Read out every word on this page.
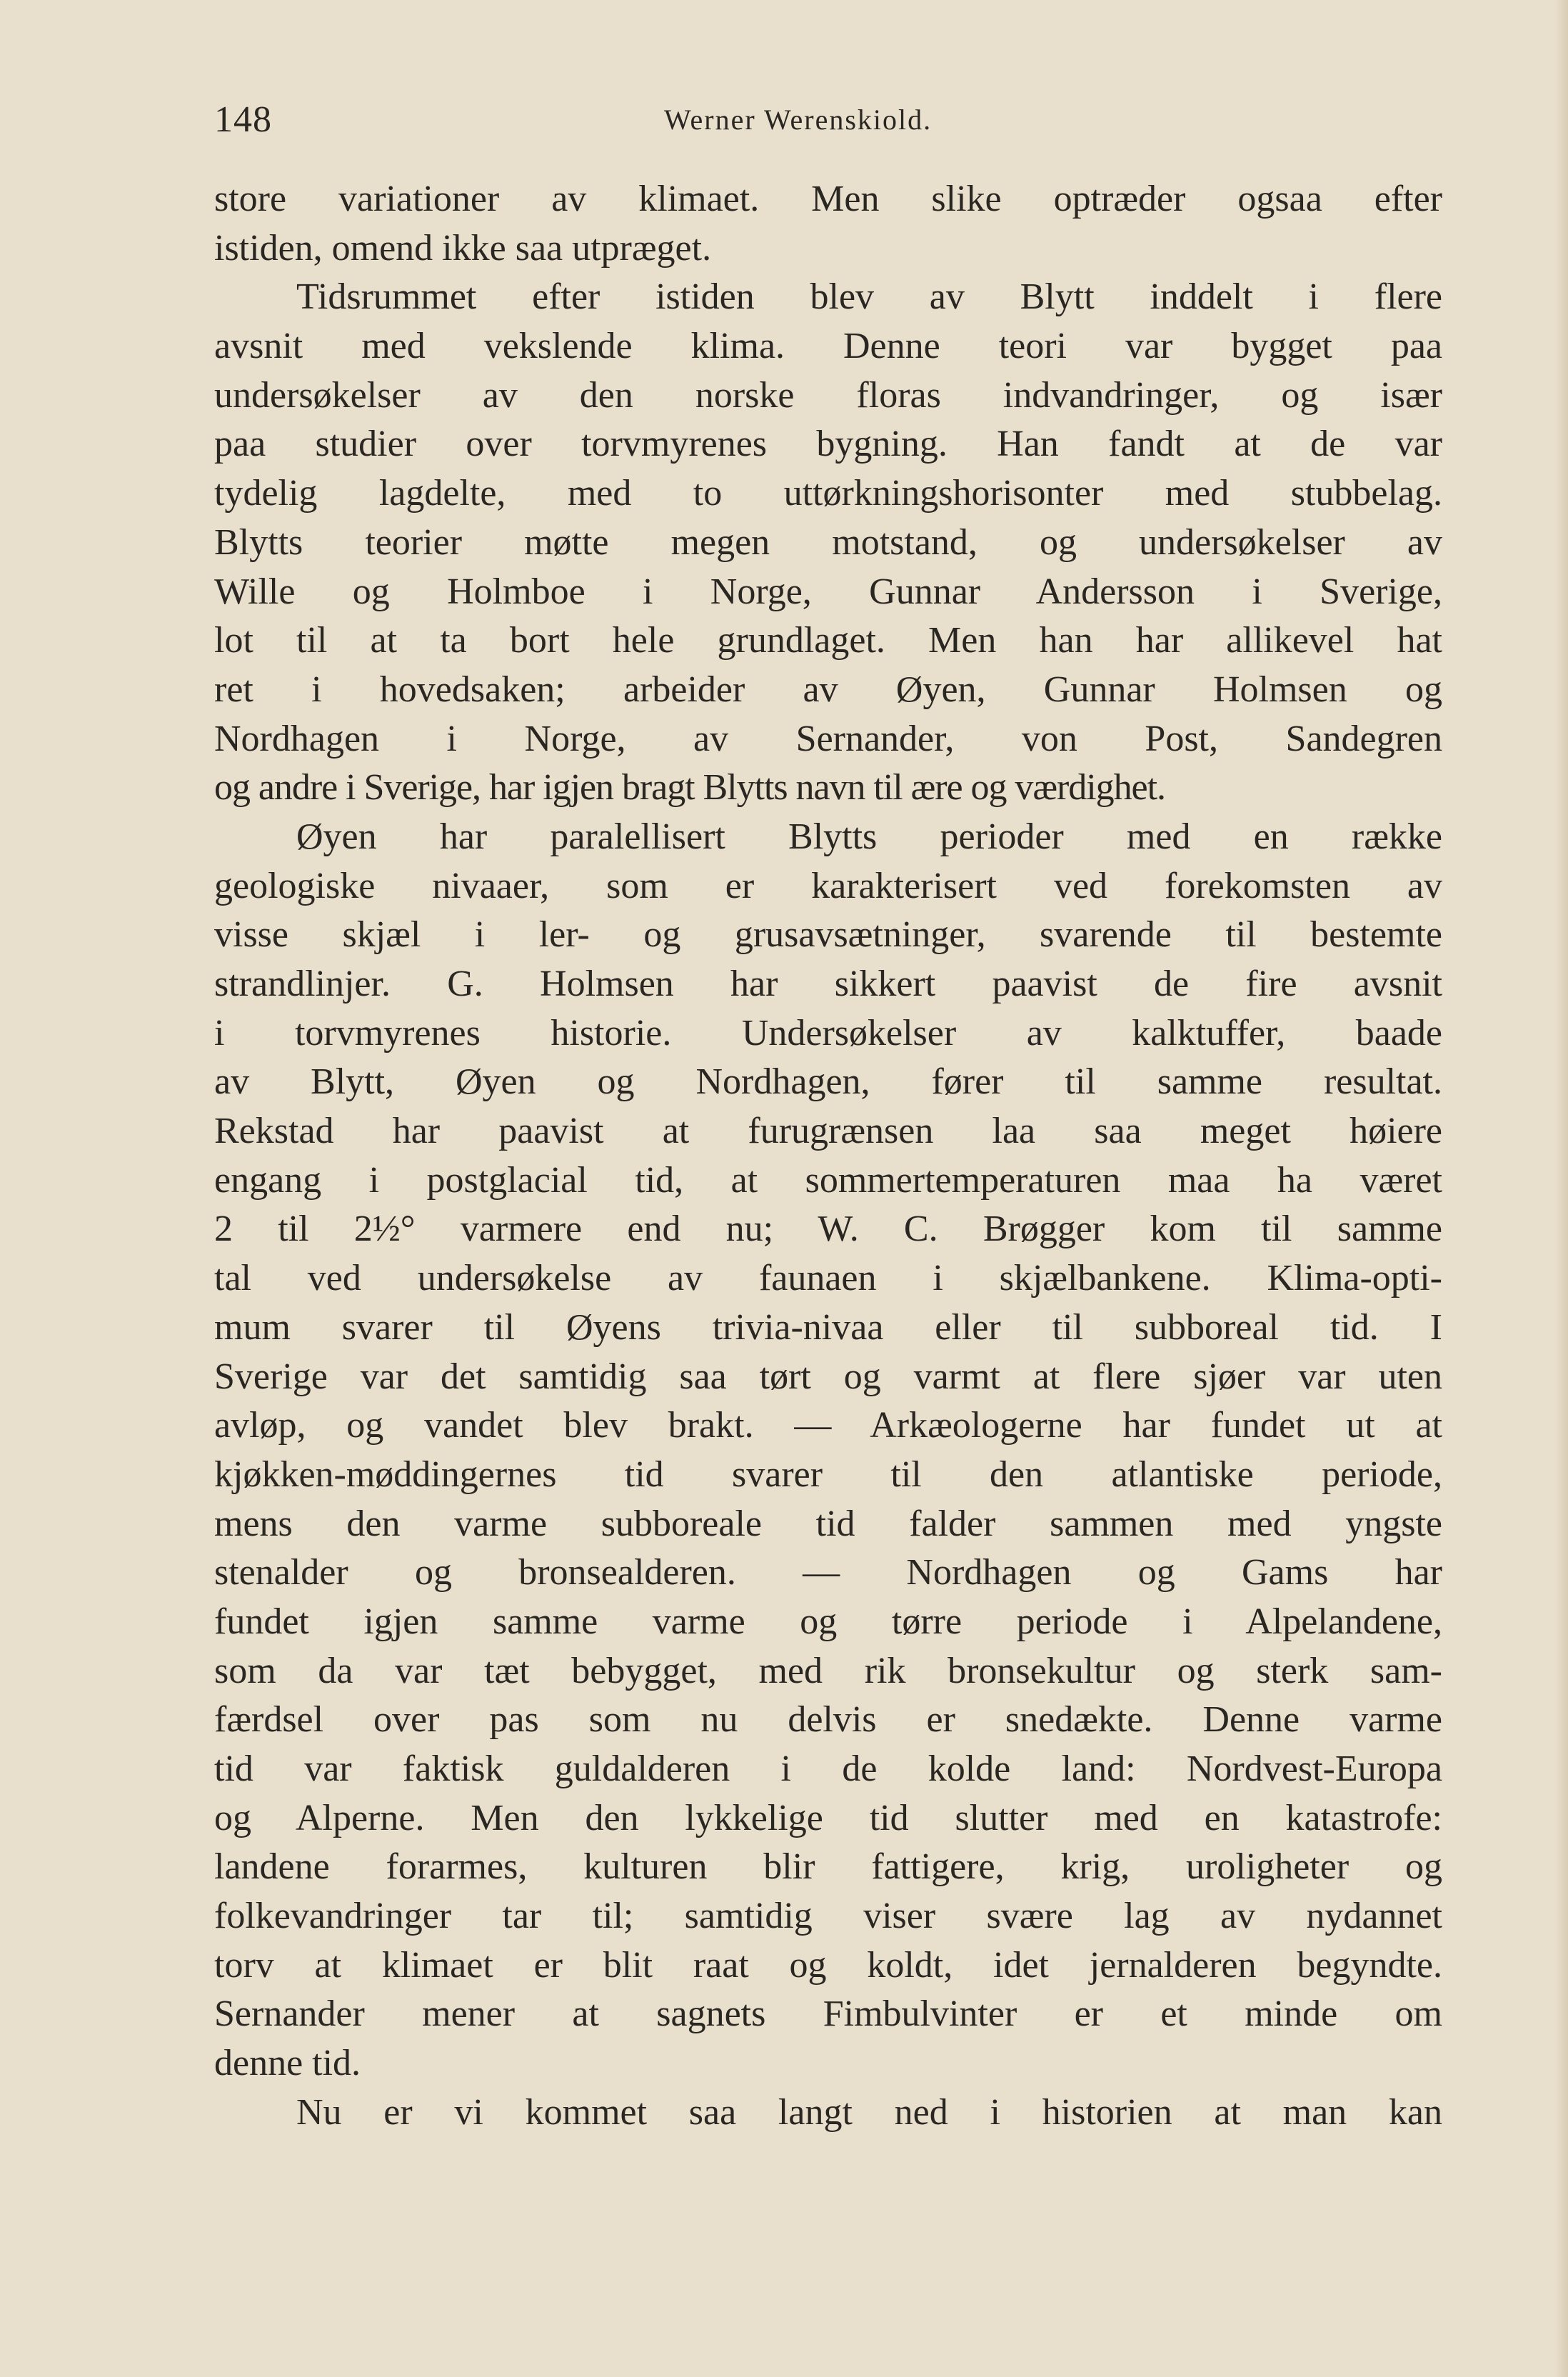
148	Werner Werenskiold.
store variationer av klimaet. Men slike optræder ogsaa efter
istiden, omend ikke saa utpræget.
Tidsrummet efter istiden blev av Blytt inddelt i flere
avsnit med vekslende klima. Denne teori var bygget paa
undersøkelser av den norske floras indvandringer, og især
paa studier over torvmyrenes bygning. Han fandt at de var
tydelig lagdelte, med to uttørkningshorisonter med stubbelag.
Blytts teorier møtte megen motstand, og undersøkelser av
Wille og Holmboe i Norge, Gunnar Andersson i Sverige,
lot til at ta bort hele grundlaget. Men han har allikevel hat
ret i hovedsaken; arbeider av Øyen, Gunnar Holmsen og
Nordhagen i Norge, av Sernander, von Post, Sandegren
og andre i Sverige, har igjen bragt Blytts navn til ære og værdighet.
Øyen har paralellisert Blytts perioder med en række
geologiske nivaaer, som er karakterisert ved forekomsten av
visse skjæl i ler- og grusavsætninger, svarende til bestemte
strandlinjer. G. Holmsen har sikkert paavist de fire avsnit
i torvmyrenes historie. Undersøkelser av kalktuffer, baade
av Blytt, Øyen og Nordhagen, fører til samme resultat.
Rekstad har paavist at furugrænsen laa saa meget høiere
engang i postglacial tid, at sommertemperaturen maa ha været
2 til 2½° varmere end nu; W. C. Brøgger kom til samme
tal ved undersøkelse av faunaen i skjælbankene. Klima-opti-
mum svarer til Øyens trivia-nivaa eller til subboreal tid. I
Sverige var det samtidig saa tørt og varmt at flere sjøer var uten
avløp, og vandet blev brakt. — Arkæologerne har fundet ut at
kjøkken-møddingernes tid svarer til den atlantiske periode,
mens den varme subboreale tid falder sammen med yngste
stenalder og bronsealderen. — Nordhagen og Gams har
fundet igjen samme varme og tørre periode i Alpelandene,
som da var tæt bebygget, med rik bronsekultur og sterk sam-
færdsel over pas som nu delvis er snedækte. Denne varme
tid var faktisk guldalderen i de kolde land: Nordvest-Europa
og Alperne. Men den lykkelige tid slutter med en katastrofe:
landene forarmes, kulturen blir fattigere, krig, uroligheter og
folkevandringer tar til; samtidig viser svære lag av nydannet
torv at klimaet er blit raat og koldt, idet jernalderen begyndte.
Sernander mener at sagnets Fimbulvinter er et minde om
denne tid.
Nu er vi kommet saa langt ned i historien at man kan
